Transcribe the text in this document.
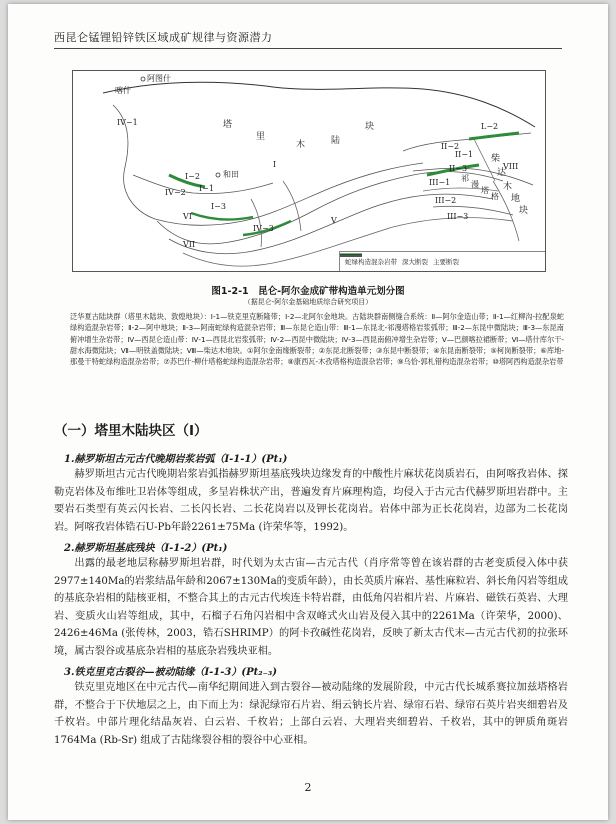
西昆仑锰锂铅锌铁区域成矿规律与资源潜力
阿图什
喀什
和田
塔
里
木	陆
块
I
IV−1
IV−2
IV−3
I−1
I−2
I−3
VI
VII
V
II−1
II−3
II−2
III−1
III−2
III−3
L−2
VIII
柴
达
木
地
块
祁
漫
塔
格
蛇绿构造混杂岩带 深大断裂 主要断裂
图1-2-1　昆仑-阿尔金成矿带构造单元划分图
（据昆仑-阿尔金基础地质综合研究项目）
泛华夏古陆块群（塔里木陆块、敦煌地块）：Ⅰ-1—铁克里克断隆带；Ⅰ-2—北阿尔金地块。古陆块群南侧缝合系统：Ⅱ—阿尔金造山带；Ⅱ-1—红柳沟-拉配泉蛇绿构造混杂岩带；Ⅱ-2—阿中地块；Ⅱ-3—阿南蛇绿构造混杂岩带；Ⅲ—东昆仑造山带：Ⅲ-1—东昆北-祁漫塔格岩浆弧带；Ⅲ-2—东昆中微陆块；Ⅲ-3—东昆南俯冲增生杂岩带；Ⅳ—西昆仑造山带：Ⅳ-1—西昆北岩浆弧带；Ⅳ-2—西昆中微陆块；Ⅳ-3—西昆南俯冲增生杂岩带；Ⅴ—巴颜喀拉裙断带；Ⅵ—塔什库尔干-甜水海微陆块；Ⅶ—明铁盖微陆块；Ⅷ—柴达木地块。①阿尔金南缘断裂带；②东昆北断裂带；③东昆中断裂带；④东昆南断裂带；⑤柯岗断裂带；⑥库地-那曼干特蛇绿构造混杂岩带；⑦苏巴什-柳什塔格蛇绿构造混杂岩带；⑧康西瓦-木孜塔格构造混杂岩带；⑨乌恰-郭札错构造混杂岩带；⑩塔阿西构造混杂岩带
（一）塔里木陆块区（Ⅰ）
1.赫罗斯坦古元古代晚期岩浆岩弧（Ⅰ-1-1）(Pt₁)
赫罗斯坦古元古代晚期岩浆岩弧指赫罗斯坦基底残块边缘发育的中酸性片麻状花岗质岩石，由阿喀孜岩体、探勒克岩体及布维吐卫岩体等组成，多呈岩株状产出，普遍发育片麻理构造，均侵入于古元古代赫罗斯坦岩群中。主要岩石类型有英云闪长岩、二长闪长岩、二长花岗岩以及钾长花岗岩。岩体中部为正长花岗岩，边部为二长花岗岩。阿喀孜岩体锆石U-Pb年龄2261±75Ma (许荣华等，1992)。
2.赫罗斯坦基底残块（Ⅰ-1-2）(Pt₁)
出露的最老地层称赫罗斯坦岩群，时代划为太古宙—古元古代（肖序常等曾在该岩群的古老变质侵入体中获2977±140Ma的岩浆结晶年龄和2067±130Ma的变质年龄），由长英质片麻岩、基性麻粒岩、斜长角闪岩等组成的基底杂岩相的陆核亚相，不整合其上的古元古代埃连卡特岩群，由低角闪岩相片岩、片麻岩、磁铁石英岩、大理岩、变质火山岩等组成，其中，石榴子石角闪岩相中含双峰式火山岩及侵入其中的2261Ma（许荣华，2000)、2426±46Ma (张传林，2003，锆石SHRIMP）的阿卡孜碱性花岗岩，反映了新太古代末—古元古代初的拉张环境，属古裂谷或基底杂岩相的基底杂岩残块亚相。
3.铁克里克古裂谷—被动陆缘（Ⅰ-1-3）(Pt₂₋₃)
铁克里克地区在中元古代—南华纪期间进入到古裂谷—被动陆缘的发展阶段，中元古代长城系赛拉加兹塔格岩群，不整合于下伏地层之上，由下而上为：绿泥绿帘石片岩、绢云钠长片岩、绿帘石岩、绿帘石英片岩夹细碧岩及千枚岩。中部片理化结晶灰岩、白云岩、千枚岩；上部白云岩、大理岩夹细碧岩、千枚岩，其中的钾质角斑岩1764Ma (Rb-Sr) 组成了古陆缘裂谷相的裂谷中心亚相。
2
